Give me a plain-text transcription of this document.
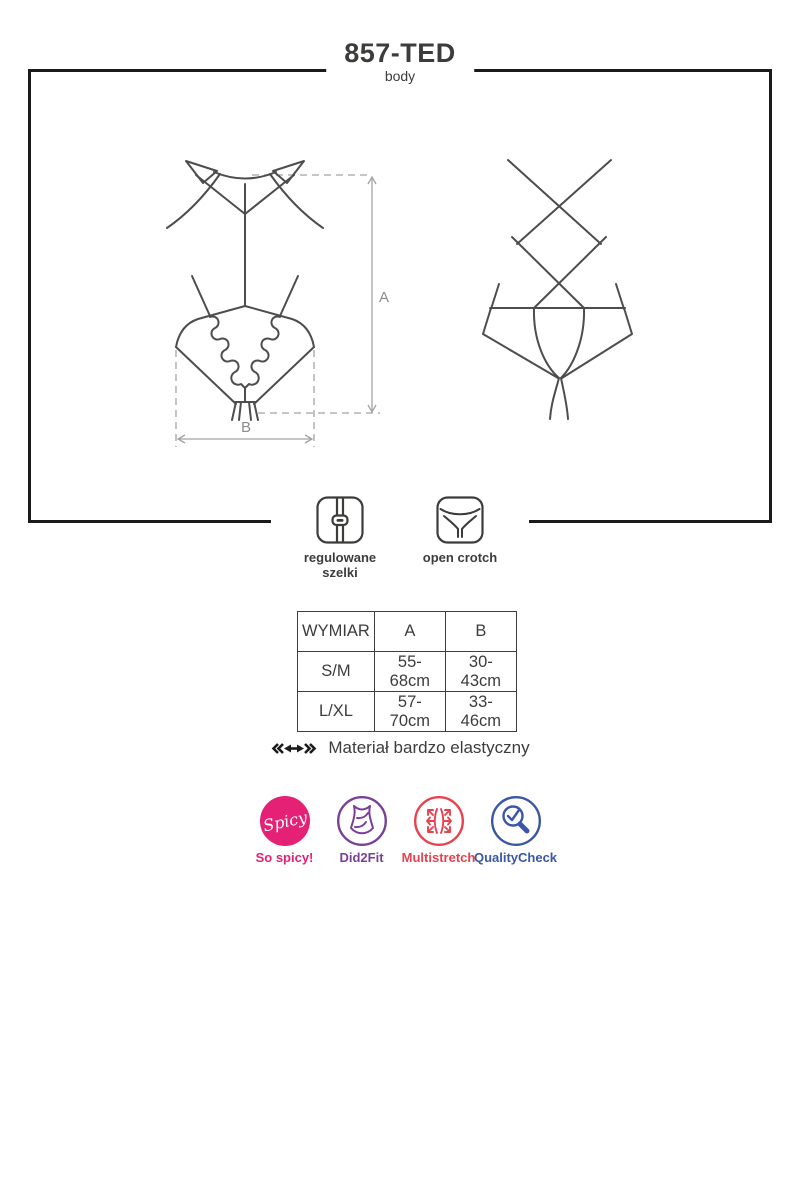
857-TED
body
A
B
regulowane
szelki
open crotch
WYMIAR	A	B
S/M	55-68cm	30-43cm
L/XL	57-70cm	33-46cm
Materiał bardzo elastyczny
Spicy
So spicy! Did2Fit Multistretch
QualityCheck
